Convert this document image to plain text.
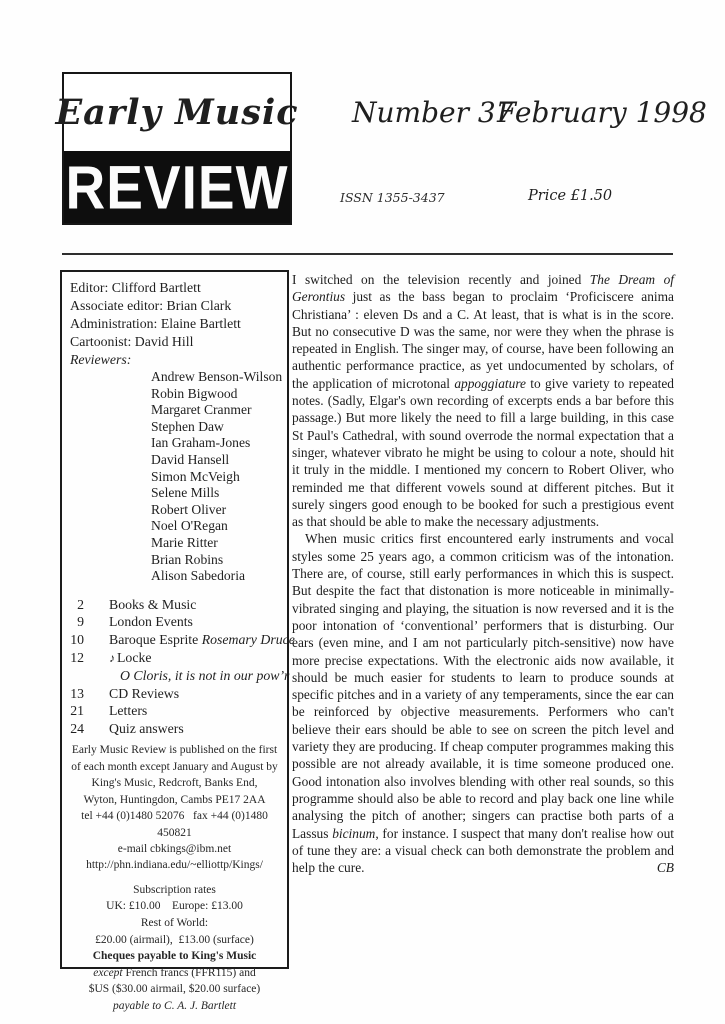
Early Music
REVIEW
Number 37
February 1998
ISSN 1355-3437	Price £1.50
Editor: Clifford Bartlett
Associate editor: Brian Clark
Administration: Elaine Bartlett
Cartoonist: David Hill
Reviewers:
Andrew Benson-Wilson
Robin Bigwood
Margaret Cranmer
Stephen Daw
Ian Graham-Jones
David Hansell
Simon McVeigh
Selene Mills
Robert Oliver
Noel O'Regan
Marie Ritter
Brian Robins
Alison Sabedoria
2 Books & Music
9 London Events
10 Baroque Esprite Rosemary Druce
12 ♪ Locke
O Cloris, it is not in our pow’r
13 CD Reviews
21 Letters
24 Quiz answers
Early Music Review is published on the first
of each month except January and August by
King's Music, Redcroft, Banks End,
Wyton, Huntingdon, Cambs PE17 2AA
tel +44 (0)1480 52076   fax +44 (0)1480 450821
e-mail cbkings@ibm.net
http://phn.indiana.edu/~elliottp/Kings/
Subscription rates
UK: £10.00    Europe: £13.00
Rest of World:
£20.00 (airmail),  £13.00 (surface)
Cheques payable to King's Music
except French francs (FFR115) and
$US ($30.00 airmail, $20.00 surface)
payable to C. A. J. Bartlett

I switched on the television recently and joined The Dream of Gerontius just as the bass began to proclaim ‘Proficiscere anima Christiana’ : eleven Ds and a C. At least, that is what is in the score. But no consecutive D was the same, nor were they when the phrase is repeated in English. The singer may, of course, have been following an authentic performance practice, as yet undocumented by scholars, of the application of microtonal appoggiature to give variety to repeated notes. (Sadly, Elgar's own recording of excerpts ends a bar before this passage.) But more likely the need to fill a large building, in this case St Paul's Cathedral, with sound overrode the normal expectation that a singer, whatever vibrato he might be using to colour a note, should hit it truly in the middle. I mentioned my concern to Robert Oliver, who reminded me that different vowels sound at different pitches. But it surely singers good enough to be booked for such a prestigious event as that should be able to make the necessary adjustments.

When music critics first encountered early instruments and vocal styles some 25 years ago, a common criticism was of the intonation. There are, of course, still early performances in which this is suspect. But despite the fact that distonation is more noticeable in minimally-vibrated singing and playing, the situation is now reversed and it is the poor intonation of ‘conventional’ performers that is disturbing. Our ears (even mine, and I am not particularly pitch-sensitive) now have more precise expectations. With the electronic aids now available, it should be much easier for students to learn to produce sounds at specific pitches and in a variety of any temperaments, since the ear can be reinforced by objective measurements. Performers who can't believe their ears should be able to see on screen the pitch level and variety they are producing. If cheap computer programmes making this possible are not already available, it is time someone produced one. Good intonation also involves blending with other real sounds, so this programme should also be able to record and play back one line while analysing the pitch of another; singers can practise both parts of a Lassus bicinum, for instance. I suspect that many don't realise how out of tune they are: a visual check can both demonstrate the problem and help the cure.	CB
